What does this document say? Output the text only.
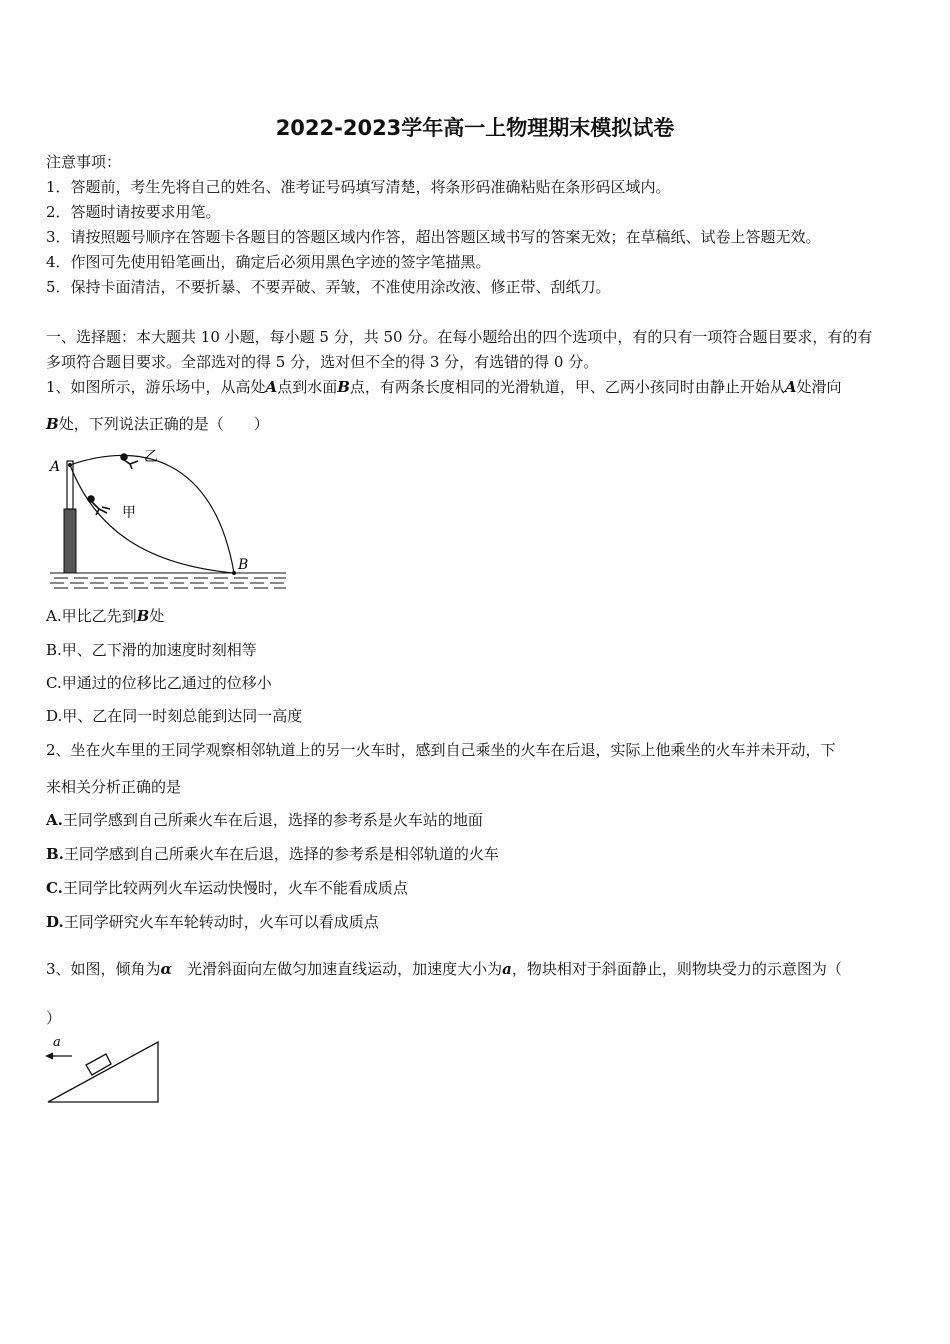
2022-2023学年高一上物理期末模拟试卷
注意事项：
1．答题前，考生先将自己的姓名、准考证号码填写清楚，将条形码准确粘贴在条形码区域内。
2．答题时请按要求用笔。
3．请按照题号顺序在答题卡各题目的答题区域内作答，超出答题区域书写的答案无效；在草稿纸、试卷上答题无效。
4．作图可先使用铅笔画出，确定后必须用黑色字迹的签字笔描黑。
5．保持卡面清洁，不要折暴、不要弄破、弄皱，不准使用涂改液、修正带、刮纸刀。
一、选择题：本大题共 10 小题，每小题 5 分，共 50 分。在每小题给出的四个选项中，有的只有一项符合题目要求，有的有
多项符合题目要求。全部选对的得 5 分，选对但不全的得 3 分，有选错的得 0 分。
1、如图所示，游乐场中，从高处A点到水面B点，有两条长度相同的光滑轨道，甲、乙两小孩同时由静止开始从A处滑向
B处，下列说法正确的是（　　）
A
B
乙
甲
A.甲比乙先到B处
B.甲、乙下滑的加速度时刻相等
C.甲通过的位移比乙通过的位移小
D.甲、乙在同一时刻总能到达同一高度
2、坐在火车里的王同学观察相邻轨道上的另一火车时，感到自己乘坐的火车在后退，实际上他乘坐的火车并未开动，下
来相关分析正确的是
A.王同学感到自己所乘火车在后退，选择的参考系是火车站的地面
B.王同学感到自己所乘火车在后退，选择的参考系是相邻轨道的火车
C.王同学比较两列火车运动快慢时，火车不能看成质点
D.王同学研究火车车轮转动时，火车可以看成质点
3、如图，倾角为α　光滑斜面向左做匀加速直线运动，加速度大小为a，物块相对于斜面静止，则物块受力的示意图为（
）
a
